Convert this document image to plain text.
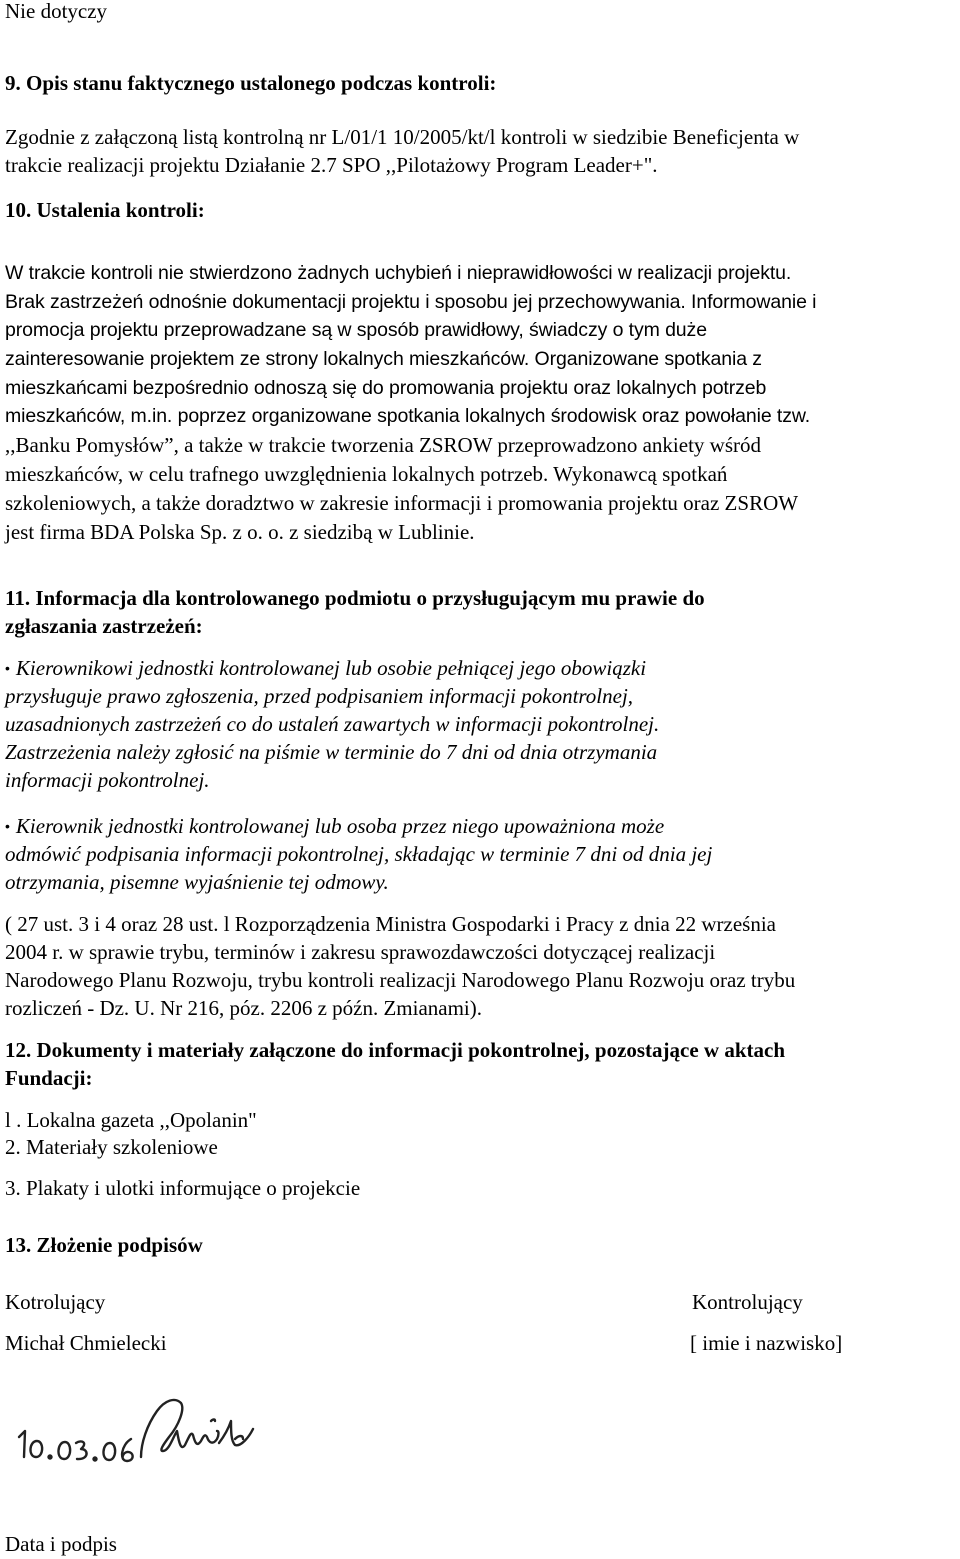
Nie dotyczy

9. Opis stanu faktycznego ustalonego podczas kontroli:

Zgodnie z załączoną listą kontrolną nr L/01/1 10/2005/kt/l kontroli w siedzibie Beneficjenta w

trakcie realizacji projektu Działanie 2.7 SPO ,,Pilotażowy Program Leader+".

10. Ustalenia kontroli:

W trakcie kontroli nie stwierdzono żadnych uchybień i nieprawidłowości w realizacji projektu.

Brak zastrzeżeń odnośnie dokumentacji projektu i sposobu jej przechowywania. Informowanie i

promocja projektu przeprowadzane są w sposób prawidłowy, świadczy o tym duże

zainteresowanie projektem ze strony lokalnych mieszkańców. Organizowane spotkania z

mieszkańcami bezpośrednio odnoszą się do promowania projektu oraz lokalnych potrzeb

mieszkańców, m.in. poprzez organizowane spotkania lokalnych środowisk oraz powołanie tzw.

,,Banku Pomysłów”, a także w trakcie tworzenia ZSROW przeprowadzono ankiety wśród

mieszkańców, w celu trafnego uwzględnienia lokalnych potrzeb. Wykonawcą spotkań

szkoleniowych, a także doradztwo w zakresie informacji i promowania projektu oraz ZSROW

jest firma BDA Polska Sp. z o. o. z siedzibą w Lublinie.

11. Informacja dla kontrolowanego podmiotu o przysługującym mu prawie do

zgłaszania zastrzeżeń:

• Kierownikowi jednostki kontrolowanej lub osobie pełniącej jego obowiązki

przysługuje prawo zgłoszenia, przed podpisaniem informacji pokontrolnej,

uzasadnionych zastrzeżeń co do ustaleń zawartych w informacji pokontrolnej.

Zastrzeżenia należy zgłosić na piśmie w terminie do 7 dni od dnia otrzymania

informacji pokontrolnej.

• Kierownik jednostki kontrolowanej lub osoba przez niego upoważniona może

odmówić podpisania informacji pokontrolnej, składając w terminie 7 dni od dnia jej

otrzymania, pisemne wyjaśnienie tej odmowy.

( 27 ust. 3 i 4 oraz 28 ust. l Rozporządzenia Ministra Gospodarki i Pracy z dnia 22 września

2004 r. w sprawie trybu, terminów i zakresu sprawozdawczości dotyczącej realizacji

Narodowego Planu Rozwoju, trybu kontroli realizacji Narodowego Planu Rozwoju oraz trybu

rozliczeń - Dz. U. Nr 216, póz. 2206 z późn. Zmianami).

12. Dokumenty i materiały załączone do informacji pokontrolnej, pozostające w aktach

Fundacji:

l . Lokalna gazeta ,,Opolanin"

2. Materiały szkoleniowe

3. Plakaty i ulotki informujące o projekcie

13. Złożenie podpisów

Kotrolujący	Kontrolujący

Michał Chmielecki	[ imie i nazwisko]

Data i podpis
